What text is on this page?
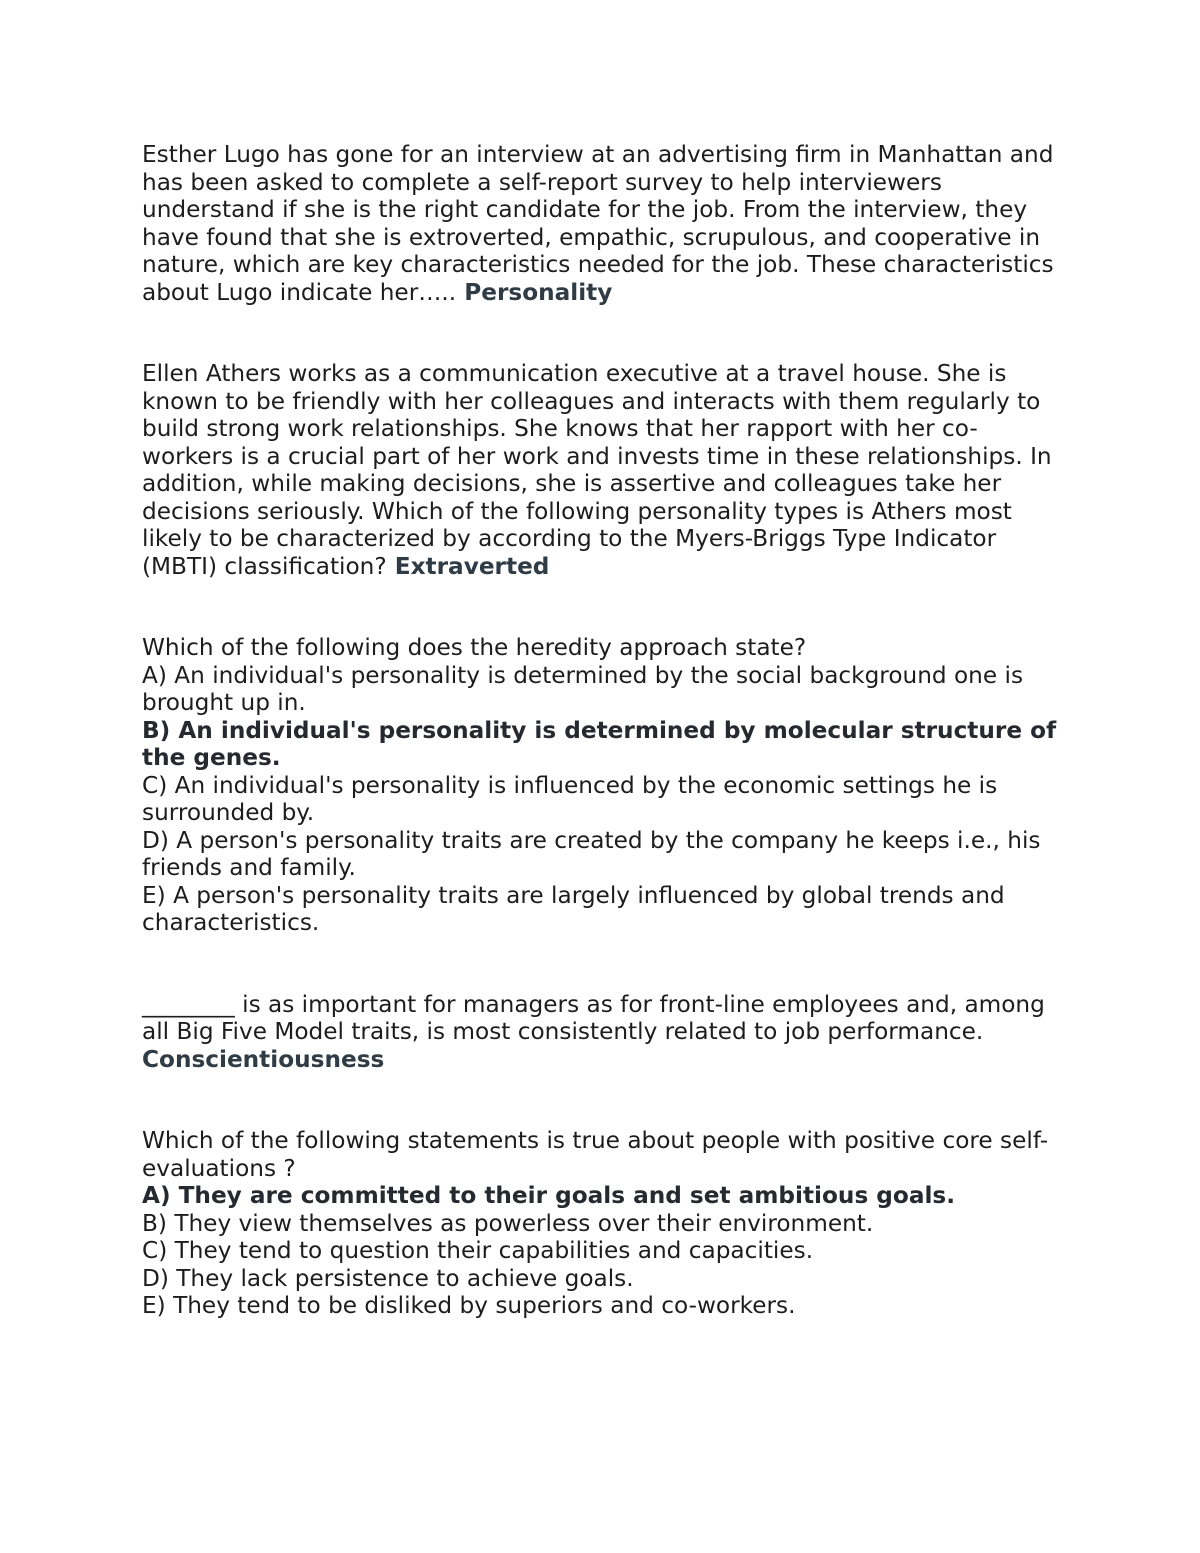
Esther Lugo has gone for an interview at an advertising firm in Manhattan and has been asked to complete a self-report survey to help interviewers understand if she is the right candidate for the job. From the interview, they have found that she is extroverted, empathic, scrupulous, and cooperative in nature, which are key characteristics needed for the job. These characteristics about Lugo indicate her….. Personality

Ellen Athers works as a communication executive at a travel house. She is known to be friendly with her colleagues and interacts with them regularly to build strong work relationships. She knows that her rapport with her co-workers is a crucial part of her work and invests time in these relationships. In addition, while making decisions, she is assertive and colleagues take her decisions seriously. Which of the following personality types is Athers most likely to be characterized by according to the Myers-Briggs Type Indicator (MBTI) classification? Extraverted

Which of the following does the heredity approach state?

A) An individual's personality is determined by the social background one is brought up in.

B) An individual's personality is determined by molecular structure of the genes.

C) An individual's personality is influenced by the economic settings he is surrounded by.

D) A person's personality traits are created by the company he keeps i.e., his friends and family.

E) A person's personality traits are largely influenced by global trends and characteristics.

________ is as important for managers as for front-line employees and, among all Big Five Model traits, is most consistently related to job performance.

Conscientiousness

Which of the following statements is true about people with positive core self-evaluations ?

A) They are committed to their goals and set ambitious goals.

B) They view themselves as powerless over their environment.

C) They tend to question their capabilities and capacities.

D) They lack persistence to achieve goals.

E) They tend to be disliked by superiors and co-workers.
